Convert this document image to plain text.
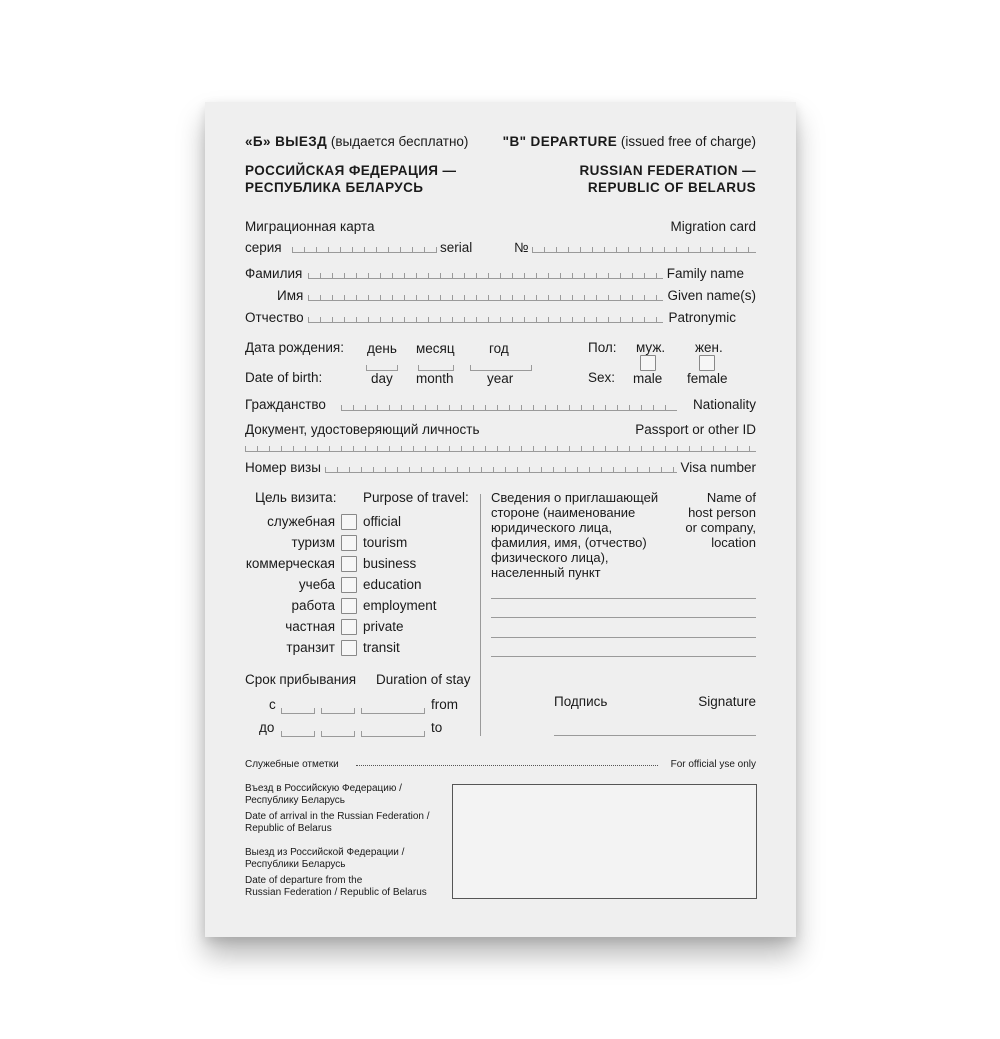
«Б» ВЫЕЗД (выдается бесплатно)	"B" DEPARTURE (issued free of charge)
РОССИЙСКАЯ ФЕДЕРАЦИЯ —
РЕСПУБЛИКА БЕЛАРУСЬ
RUSSIAN FEDERATION —
REPUBLIC OF BELARUS
Миграционная карта	Migration card
серия	serial	№
Фамилия	Family name
Имя	Given name(s)
Отчество	Patronymic
Дата рождения: день месяц	год
Date of birth:	day month year
Пол: муж. жен.
Sex: male female
Гражданство	Nationality
Документ, удостоверяющий личность	Passport or other ID
Номер визы	Visa number
Цель визита: Purpose of travel:
служебная official
туризм tourism
коммерческая business
учеба education
работа employment
частная private
транзит transit
Срок прибывания Duration of stay
с	from
до	to
Сведения о приглашающей
стороне (наименование
юридического лица,
фамилия, имя, (отчество)
физического лица),
населенный пункт
Name of
host person
or company,
location
Подпись	Signature
Служебные отметки	For official yse only
Въезд в Российскую Федерацию /
Республику Беларусь
Date of arrival in the Russian Federation /
Republic of Belarus
Выезд из Российской Федерации /
Республики Беларусь
Date of departure from the
Russian Federation / Republic of Belarus
